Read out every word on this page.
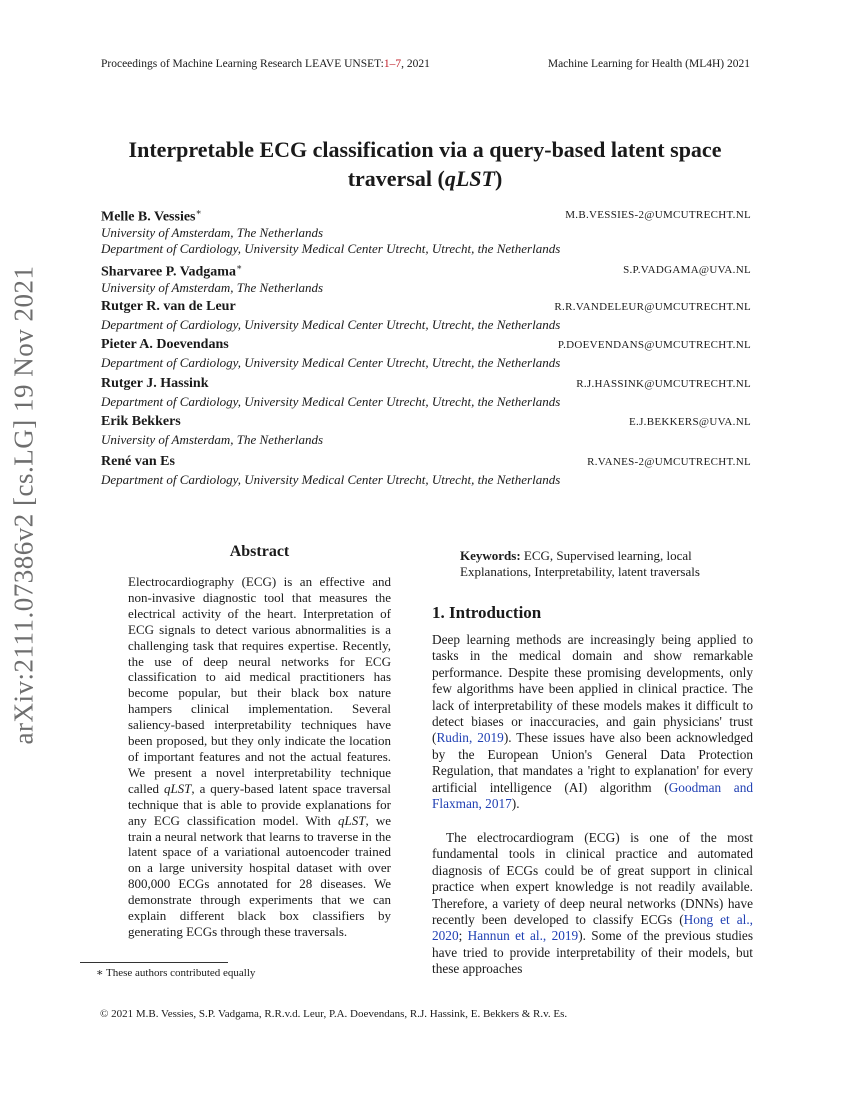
Proceedings of Machine Learning Research LEAVE UNSET:1–7, 2021	Machine Learning for Health (ML4H) 2021
Interpretable ECG classification via a query-based latent space
traversal (qLST)
Melle B. Vessies∗	M.B.VESSIES-2@UMCUTRECHT.NL
University of Amsterdam, The Netherlands
Department of Cardiology, University Medical Center Utrecht, Utrecht, the Netherlands
Sharvaree P. Vadgama∗	S.P.VADGAMA@UVA.NL
University of Amsterdam, The Netherlands
Rutger R. van de Leur	R.R.VANDELEUR@UMCUTRECHT.NL
Department of Cardiology, University Medical Center Utrecht, Utrecht, the Netherlands
Pieter A. Doevendans	P.DOEVENDANS@UMCUTRECHT.NL
Department of Cardiology, University Medical Center Utrecht, Utrecht, the Netherlands
Rutger J. Hassink	R.J.HASSINK@UMCUTRECHT.NL
Department of Cardiology, University Medical Center Utrecht, Utrecht, the Netherlands
Erik Bekkers	E.J.BEKKERS@UVA.NL
University of Amsterdam, The Netherlands
René van Es	R.VANES-2@UMCUTRECHT.NL
Department of Cardiology, University Medical Center Utrecht, Utrecht, the Netherlands
arXiv:2111.07386v2 [cs.LG] 19 Nov 2021	Abstract
Electrocardiography (ECG) is an effective and non-invasive diagnostic tool that measures the electrical activity of the heart. Interpretation of ECG signals to detect various abnormalities is a challenging task that requires expertise. Recently, the use of deep neural networks for ECG classification to aid medical practitioners has become popular, but their black box nature hampers clinical implementation. Several saliency-based interpretability techniques have been proposed, but they only indicate the location of important features and not the actual features. We present a novel interpretability technique called qLST, a query-based latent space traversal technique that is able to provide explanations for any ECG classification model. With qLST, we train a neural network that learns to traverse in the latent space of a variational autoencoder trained on a large university hospital dataset with over 800,000 ECGs annotated for 28 diseases. We demonstrate through experiments that we can explain different black box classifiers by generating ECGs through these traversals.
Keywords: ECG, Supervised learning, local Explanations, Interpretability, latent traversals
1. Introduction
Deep learning methods are increasingly being applied to tasks in the medical domain and show remarkable performance. Despite these promising developments, only few algorithms have been applied in clinical practice. The lack of interpretability of these models makes it difficult to detect biases or inaccuracies, and gain physicians' trust (Rudin, 2019). These issues have also been acknowledged by the European Union's General Data Protection Regulation, that mandates a 'right to explanation' for every artificial intelligence (AI) algorithm (Goodman and Flaxman, 2017).
The electrocardiogram (ECG) is one of the most fundamental tools in clinical practice and automated diagnosis of ECGs could be of great support in clinical practice when expert knowledge is not readily available. Therefore, a variety of deep neural networks (DNNs) have recently been developed to classify ECGs (Hong et al., 2020; Hannun et al., 2019). Some of the previous studies have tried to provide interpretability of their models, but these approaches
∗ These authors contributed equally
© 2021 M.B. Vessies, S.P. Vadgama, R.R.v.d. Leur, P.A. Doevendans, R.J. Hassink, E. Bekkers & R.v. Es.
